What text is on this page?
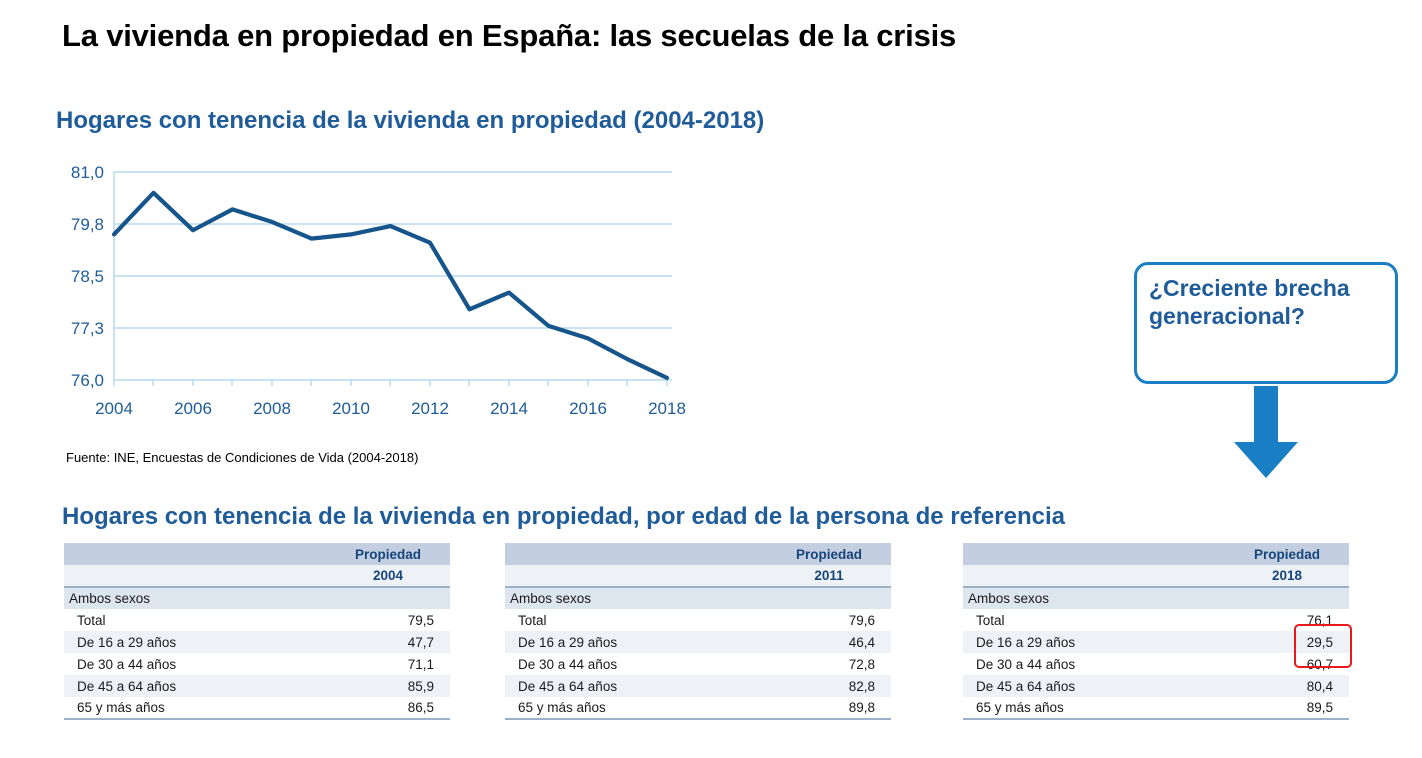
La vivienda en propiedad en España: las secuelas de la crisis
Hogares con tenencia de la vivienda en propiedad (2004-2018)
81,0
79,8
78,5
77,3
76,0
2004 2006 2008 2010 2012 2014 2016 2018
Fuente: INE, Encuestas de Condiciones de Vida (2004-2018)
¿Creciente brecha generacional?
Hogares con tenencia de la vivienda en propiedad, por edad de la persona de referencia
	Propiedad
	2004
Ambos sexos	
Total	79,5
De 16 a 29 años	47,7
De 30 a 44 años	71,1
De 45 a 64 años	85,9
65 y más años	86,5
	Propiedad
	2011
Ambos sexos	
Total	79,6
De 16 a 29 años	46,4
De 30 a 44 años	72,8
De 45 a 64 años	82,8
65 y más años	89,8
	Propiedad
	2018
Ambos sexos	
Total	76,1
De 16 a 29 años	29,5
De 30 a 44 años	60,7
De 45 a 64 años	80,4
65 y más años	89,5
